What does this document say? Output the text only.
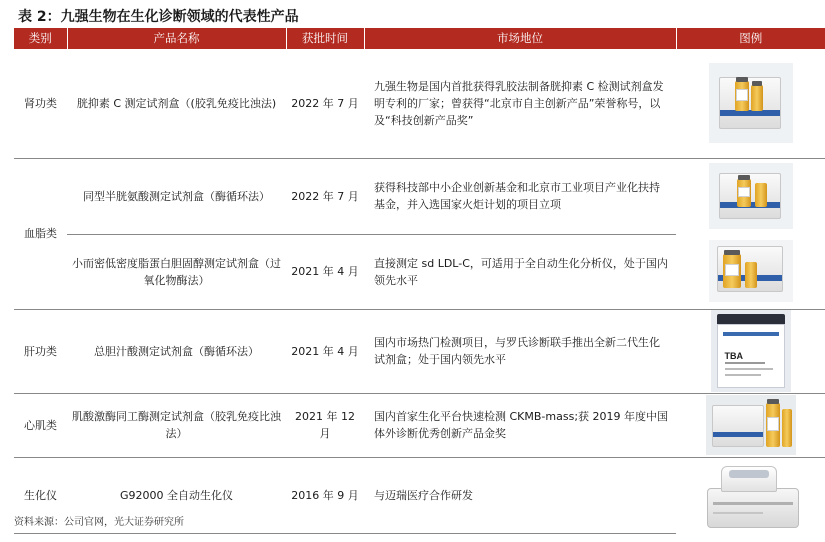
表 2：九强生物在生化诊断领域的代表性产品
类别	产品名称	获批时间	市场地位	图例
肾功类	胱抑素 C 测定试剂盒（(胶乳免疫比浊法)	2022 年 7 月	九强生物是国内首批获得乳胶法制备胱抑素 C 检测试剂盒发明专利的厂家；曾获得“北京市自主创新产品”荣誉称号，以及“科技创新产品奖”	

血脂类	同型半胱氨酸测定试剂盒（酶循环法）	2022 年 7 月	获得科技部中小企业创新基金和北京市工业项目产业化扶持基金，并入选国家火炬计划的项目立项	

	小而密低密度脂蛋白胆固醇测定试剂盒（过氧化物酶法）	2021 年 4 月	直接测定 sd LDL-C，可适用于全自动生化分析仪，处于国内领先水平	

肝功类	总胆汁酸测定试剂盒（酶循环法）	2021 年 4 月	国内市场热门检测项目，与罗氏诊断联手推出全新二代生化试剂盒；处于国内领先水平	TBA

心肌类	肌酸激酶同工酶测定试剂盒（胶乳免疫比浊法）	2021 年 12 月	国内首家生化平台快速检测 CKMB-mass;获 2019 年度中国体外诊断优秀创新产品金奖	

生化仪	G92000 全自动生化仪	2016 年 9 月	与迈瑞医疗合作研发	
资料来源：公司官网，光大证券研究所
